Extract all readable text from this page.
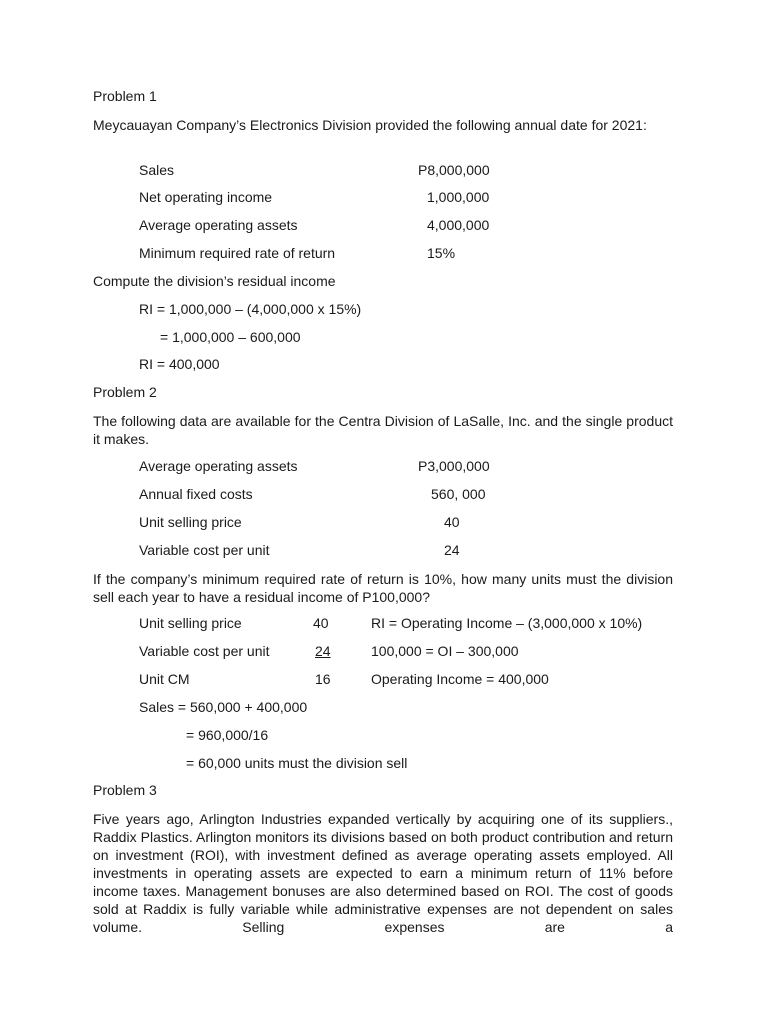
Problem 1
Meycauayan Company’s Electronics Division provided the following annual date for 2021:
Sales	P8,000,000
Net operating income	1,000,000
Average operating assets	4,000,000
Minimum required rate of return	15%
Compute the division’s residual income
RI = 1,000,000 – (4,000,000 x 15%)
= 1,000,000 – 600,000
RI = 400,000
Problem 2
The following data are available for the Centra Division of LaSalle, Inc. and the single product it makes.
Average operating assets	P3,000,000
Annual fixed costs	560, 000
Unit selling price	40
Variable cost per unit	24
If the company’s minimum required rate of return is 10%, how many units must the division sell each year to have a residual income of P100,000?
Unit selling price	40	RI = Operating Income – (3,000,000 x 10%)
Variable cost per unit	24	100,000 = OI – 300,000
Unit CM	16	Operating Income = 400,000
Sales = 560,000 + 400,000
= 960,000/16
= 60,000 units must the division sell
Problem 3
Five years ago, Arlington Industries expanded vertically by acquiring one of its suppliers., Raddix Plastics. Arlington monitors its divisions based on both product contribution and return on investment (ROI), with investment defined as average operating assets employed. All investments in operating assets are expected to earn a minimum return of 11% before income taxes. Management bonuses are also determined based on ROI. The cost of goods sold at Raddix is fully variable while administrative expenses are not dependent on sales volume. Selling expenses are a
